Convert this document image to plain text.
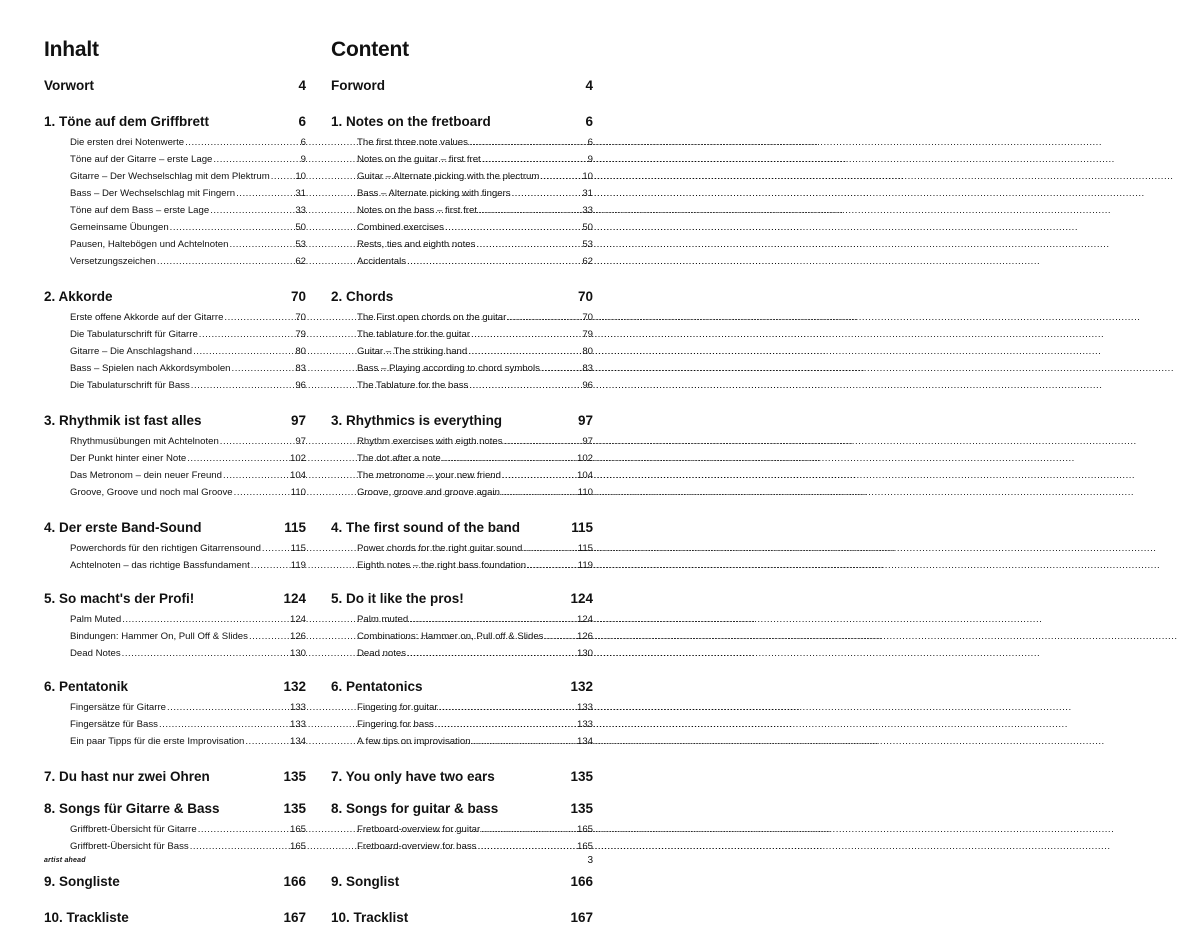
Inhalt
Vorwort	4
1. Töne auf dem Griffbrett	6
Die ersten drei Notenwerte .....	6
Töne auf der Gitarre – erste Lage .....	9
Gitarre – Der Wechselschlag mit dem Plektrum .....	10
Bass – Der Wechselschlag mit Fingern .....	31
Töne auf dem Bass – erste Lage .....	33
Gemeinsame Übungen .....	50
Pausen, Haltebögen und Achtelnoten .....	53
Versetzungszeichen .....	62
2. Akkorde	70
Erste offene Akkorde auf der Gitarre .....	70
Die Tabulaturschrift für Gitarre .....	79
Gitarre – Die Anschlagshand .....	80
Bass – Spielen nach Akkordsymbolen .....	83
Die Tabulaturschrift für Bass .....	96
3. Rhythmik ist fast alles	97
Rhythmusübungen mit Achtelnoten .....	97
Der Punkt hinter einer Note .....	102
Das Metronom – dein neuer Freund .....	104
Groove, Groove und noch mal Groove .....	110
4. Der erste Band-Sound	115
Powerchords für den richtigen Gitarrensound .....	115
Achtelnoten – das richtige Bassfundament .....	119
5. So macht's der Profi!	124
Palm Muted .....	124
Bindungen: Hammer On, Pull Off & Slides .....	126
Dead Notes .....	130
6. Pentatonik	132
Fingersätze für Gitarre .....	133
Fingersätze für Bass .....	133
Ein paar Tipps für die erste Improvisation .....	134
7. Du hast nur zwei Ohren	135
8. Songs für Gitarre & Bass	135
Griffbrett-Übersicht für Gitarre .....	165
Griffbrett-Übersicht für Bass .....	165
9. Songliste	166
10. Trackliste	167
Content
Forword	4
1. Notes on the fretboard	6
The first three note values .....	6
Notes on the guitar – first fret .....	9
Guitar – Alternate picking with the plectrum .....	10
Bass – Alternate picking with fingers .....	31
Notes on the bass – first fret .....	33
Combined exercises .....	50
Rests, ties and eighth notes .....	53
Accidentals .....	62
2. Chords	70
The First open chords on the guitar .....	70
The tablature for the guitar .....	79
Guitar – The striking hand .....	80
Bass – Playing according to chord symbols .....	83
The Tablature for the bass .....	96
3. Rhythmics is everything	97
Rhythm exercises with eigth notes .....	97
The dot after a note .....	102
The metronome – your new friend .....	104
Groove, groove and groove again .....	110
4. The first sound of the band	115
Power chords for the right guitar sound .....	115
Eighth notes – the right bass foundation .....	119
5. Do it like the pros!	124
Palm muted .....	124
Combinations: Hammer on, Pull off & Slides .....	126
Dead notes .....	130
6. Pentatonics	132
Fingering for guitar .....	133
Fingering for bass .....	133
A few tips on improvisation .....	134
7. You only have two ears	135
8. Songs for guitar & bass	135
Fretboard-overview for guitar .....	165
Fretboard-overview for bass .....	165
9. Songlist	166
10. Tracklist	167
artist ahead	3
